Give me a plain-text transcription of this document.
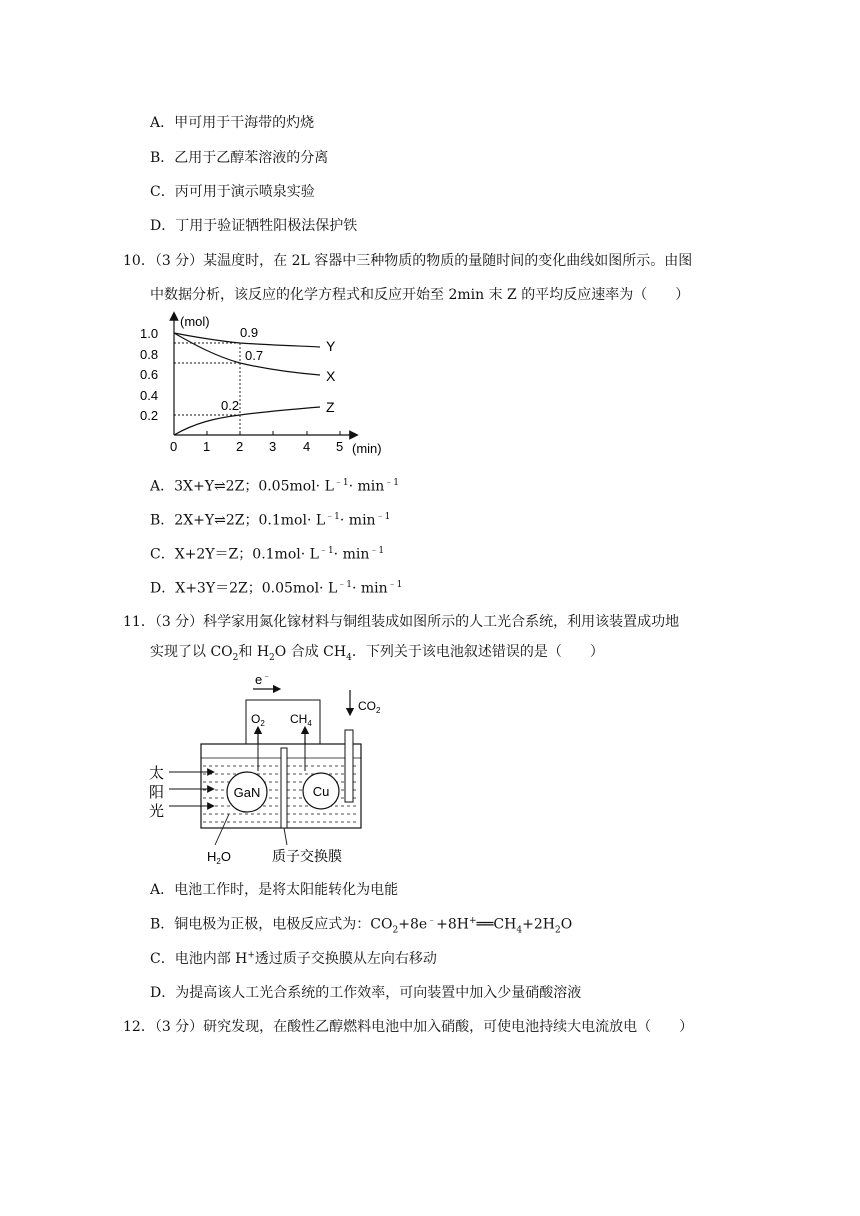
A．甲可用于干海带的灼烧
B．乙用于乙醇苯溶液的分离
C．丙可用于演示喷泉实验
D．丁用于验证牺牲阳极法保护铁
10．（3 分）某温度时，在 2L 容器中三种物质的物质的量随时间的变化曲线如图所示。由图
中数据分析，该反应的化学方程式和反应开始至 2min 末 Z 的平均反应速率为（　　）
(mol)
(min)
1.0
0.8
0.6
0.4
0.2
0 1 2 3 4 5
0.9
0.7
0.2
Y
X
Z
A．3X+Y⇌2Z；$0.05mol\cdot L^{﹣1}\cdot \min^{﹣1}$
B．2X+Y⇌2Z；$0.1mol\cdot L^{﹣1}\cdot \min^{﹣1}$
C．X+2Y＝Z；$0.1mol\cdot L^{﹣1}\cdot \min^{﹣1}$
D．X+3Y＝2Z；$0.05mol\cdot L^{﹣1}\cdot \min^{﹣1}$
11．（3 分）科学家用氮化镓材料与铜组装成如图所示的人工光合系统，利用该装置成功地
实现了以 $CO_2$和 $H_2O$ 合成 $CH_4$．下列关于该电池叙述错误的是（　　）
e﹣
$O_2$ $CH_4$
$CO_2$
GaN	Cu
太
阳
光
$H_2O$	质子交换膜
A．电池工作时，是将太阳能转化为电能
B．铜电极为正极，电极反应式为：$CO_2+8e^﹣+8H^+══CH_4+2H_2O$
C．电池内部 H+透过质子交换膜从左向右移动
D．为提高该人工光合系统的工作效率，可向装置中加入少量硝酸溶液
12．（3 分）研究发现，在酸性乙醇燃料电池中加入硝酸，可使电池持续大电流放电（　　）
